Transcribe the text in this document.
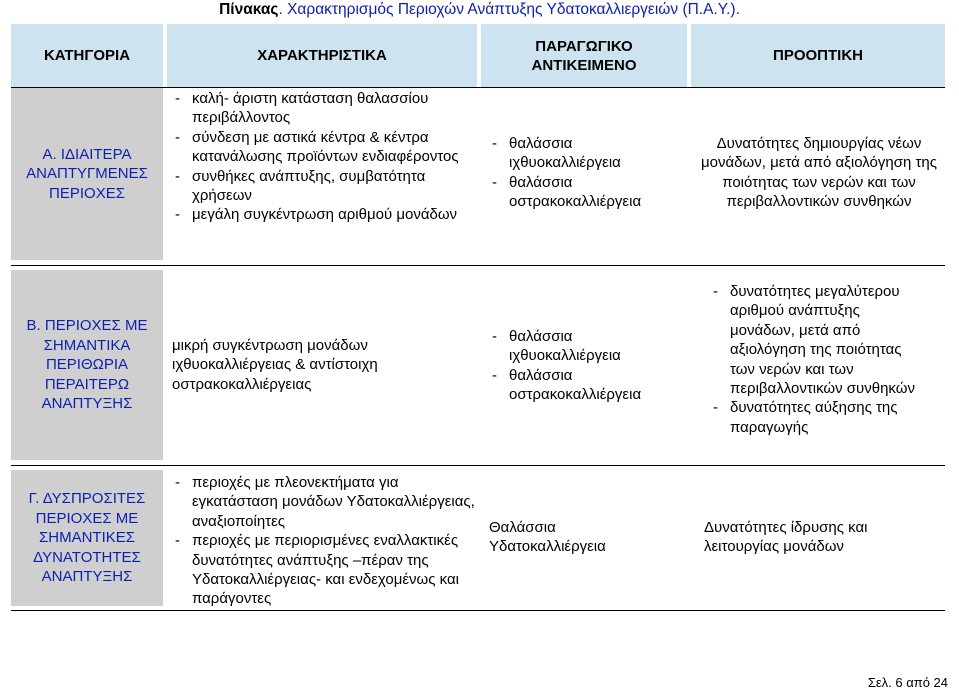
Πίνακας. Χαρακτηρισμός Περιοχών Ανάπτυξης Υδατοκαλλιεργειών (Π.Α.Υ.).
ΚΑΤΗΓΟΡΙΑ	ΧΑΡΑΚΤΗΡΙΣΤΙΚΑ
ΠΑΡΑΓΩΓΙΚΟ ΑΝΤΙΚΕΙΜΕΝΟ
ΠΡΟΟΠΤΙΚΗ
Α. ΙΔΙΑΙΤΕΡΑ ΑΝΑΠΤΥΓΜΕΝΕΣ ΠΕΡΙΟΧΕΣ
- καλή- άριστη κατάσταση θαλασσίου περιβάλλοντος
- σύνδεση με αστικά κέντρα & κέντρα κατανάλωσης προϊόντων ενδιαφέροντος
- συνθήκες ανάπτυξης, συμβατότητα χρήσεων
- μεγάλη συγκέντρωση αριθμού μονάδων
- θαλάσσια ιχθυοκαλλιέργεια
- θαλάσσια οστρακοκαλλιέργεια
Δυνατότητες δημιουργίας νέων μονάδων, μετά από αξιολόγηση της ποιότητας των νερών και των περιβαλλοντικών συνθηκών
Β. ΠΕΡΙΟΧΕΣ ΜΕ ΣΗΜΑΝΤΙΚΑ ΠΕΡΙΘΩΡΙΑ ΠΕΡΑΙΤΕΡΩ ΑΝΑΠΤΥΞΗΣ
μικρή συγκέντρωση μονάδων ιχθυοκαλλιέργειας & αντίστοιχη οστρακοκαλλιέργειας
- θαλάσσια ιχθυοκαλλιέργεια
- θαλάσσια οστρακοκαλλιέργεια
- δυνατότητες μεγαλύτερου αριθμού ανάπτυξης μονάδων, μετά από αξιολόγηση της ποιότητας των νερών και των περιβαλλοντικών συνθηκών
- δυνατότητες αύξησης της παραγωγής
Γ. ΔΥΣΠΡΟΣΙΤΕΣ ΠΕΡΙΟΧΕΣ ΜΕ ΣΗΜΑΝΤΙΚΕΣ ΔΥΝΑΤΟΤΗΤΕΣ ΑΝΑΠΤΥΞΗΣ
- περιοχές με πλεονεκτήματα για εγκατάσταση μονάδων Υδατοκαλλιέργειας, αναξιοποίητες
- περιοχές με περιορισμένες εναλλακτικές δυνατότητες ανάπτυξης –πέραν της Υδατοκαλλιέργειας- και ενδεχομένως και παράγοντες
Θαλάσσια Υδατοκαλλιέργεια
Δυνατότητες ίδρυσης και λειτουργίας μονάδων
Σελ. 6 από 24
